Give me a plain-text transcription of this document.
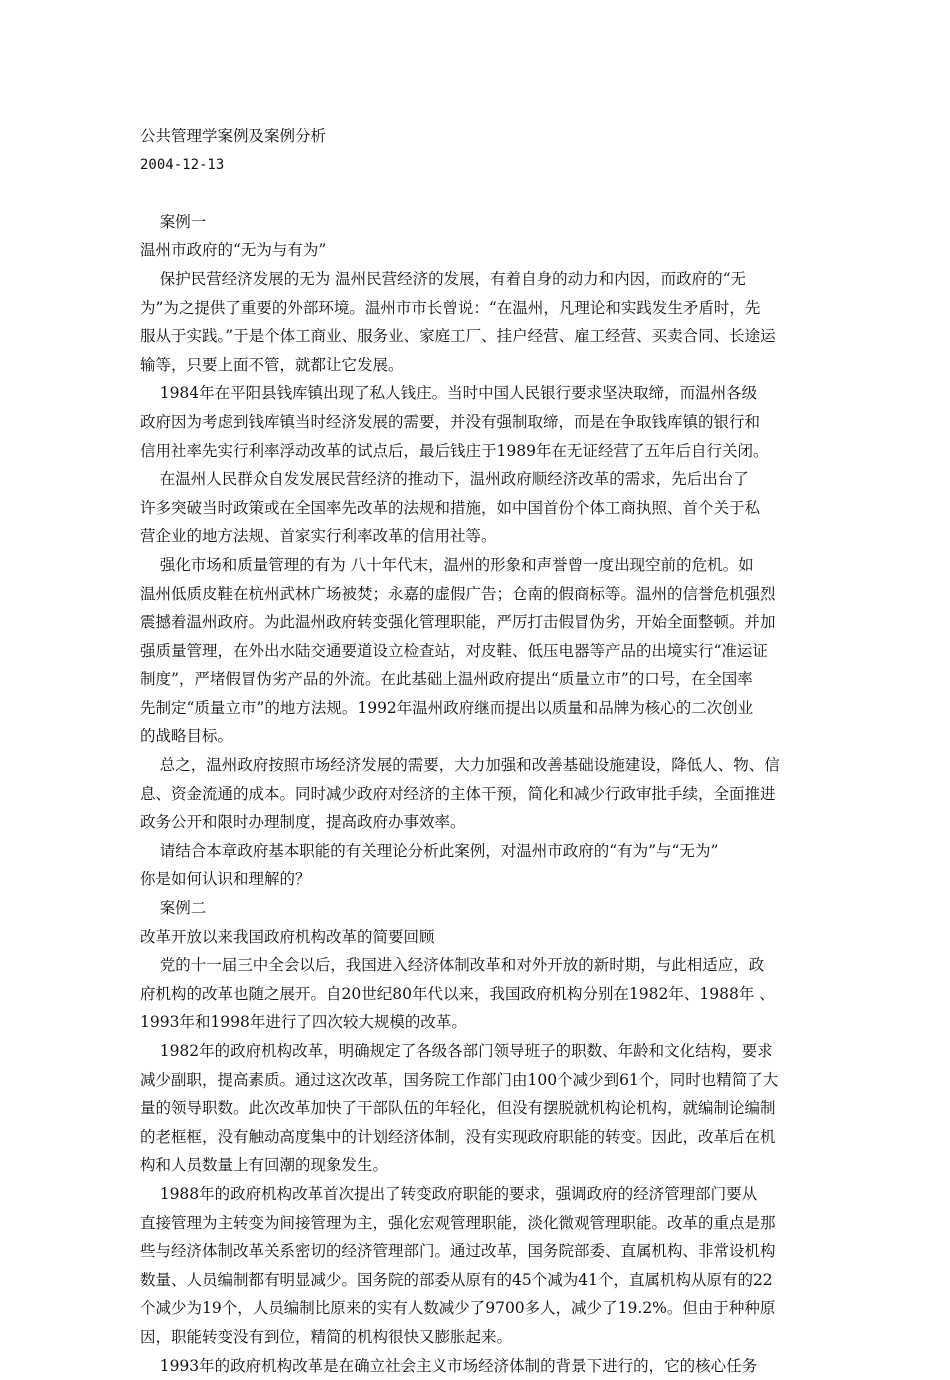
公共管理学案例及案例分析

2004-12-13

案例一

温州市政府的“无为与有为”

保护民营经济发展的无为 温州民营经济的发展，有着自身的动力和内因，而政府的“无

为”为之提供了重要的外部环境。温州市市长曾说：“在温州，凡理论和实践发生矛盾时，先

服从于实践。”于是个体工商业、服务业、家庭工厂、挂户经营、雇工经营、买卖合同、长途运

输等，只要上面不管，就都让它发展。

1984年在平阳县钱库镇出现了私人钱庄。当时中国人民银行要求坚决取缔，而温州各级

政府因为考虑到钱库镇当时经济发展的需要，并没有强制取缔，而是在争取钱库镇的银行和

信用社率先实行利率浮动改革的试点后，最后钱庄于1989年在无证经营了五年后自行关闭。

在温州人民群众自发发展民营经济的推动下，温州政府顺经济改革的需求，先后出台了

许多突破当时政策或在全国率先改革的法规和措施，如中国首份个体工商执照、首个关于私

营企业的地方法规、首家实行利率改革的信用社等。

强化市场和质量管理的有为 八十年代末，温州的形象和声誉曾一度出现空前的危机。如

温州低质皮鞋在杭州武林广场被焚；永嘉的虚假广告；仓南的假商标等。温州的信誉危机强烈

震撼着温州政府。为此温州政府转变强化管理职能，严厉打击假冒伪劣，开始全面整顿。并加

强质量管理，在外出水陆交通要道设立检查站，对皮鞋、低压电器等产品的出境实行“准运证

制度”，严堵假冒伪劣产品的外流。在此基础上温州政府提出“质量立市”的口号，在全国率

先制定“质量立市”的地方法规。1992年温州政府继而提出以质量和品牌为核心的二次创业

的战略目标。

总之，温州政府按照市场经济发展的需要，大力加强和改善基础设施建设，降低人、物、信

息、资金流通的成本。同时减少政府对经济的主体干预，简化和减少行政审批手续，全面推进

政务公开和限时办理制度，提高政府办事效率。

请结合本章政府基本职能的有关理论分析此案例，对温州市政府的“有为”与“无为”

你是如何认识和理解的？

案例二

改革开放以来我国政府机构改革的简要回顾

党的十一届三中全会以后，我国进入经济体制改革和对外开放的新时期，与此相适应，政

府机构的改革也随之展开。自20世纪80年代以来，我国政府机构分别在1982年、1988年 、

1993年和1998年进行了四次较大规模的改革。

1982年的政府机构改革，明确规定了各级各部门领导班子的职数、年龄和文化结构，要求

减少副职，提高素质。通过这次改革，国务院工作部门由100个减少到61个，同时也精简了大

量的领导职数。此次改革加快了干部队伍的年轻化，但没有摆脱就机构论机构，就编制论编制

的老框框，没有触动高度集中的计划经济体制，没有实现政府职能的转变。因此，改革后在机

构和人员数量上有回潮的现象发生。

1988年的政府机构改革首次提出了转变政府职能的要求，强调政府的经济管理部门要从

直接管理为主转变为间接管理为主，强化宏观管理职能，淡化微观管理职能。改革的重点是那

些与经济体制改革关系密切的经济管理部门。通过改革，国务院部委、直属机构、非常设机构

数量、人员编制都有明显减少。国务院的部委从原有的45个减为41个，直属机构从原有的22

个减少为19个，人员编制比原来的实有人数减少了9700多人，减少了19.2%。但由于种种原

因，职能转变没有到位，精简的机构很快又膨胀起来。

1993年的政府机构改革是在确立社会主义市场经济体制的背景下进行的，它的核心任务
